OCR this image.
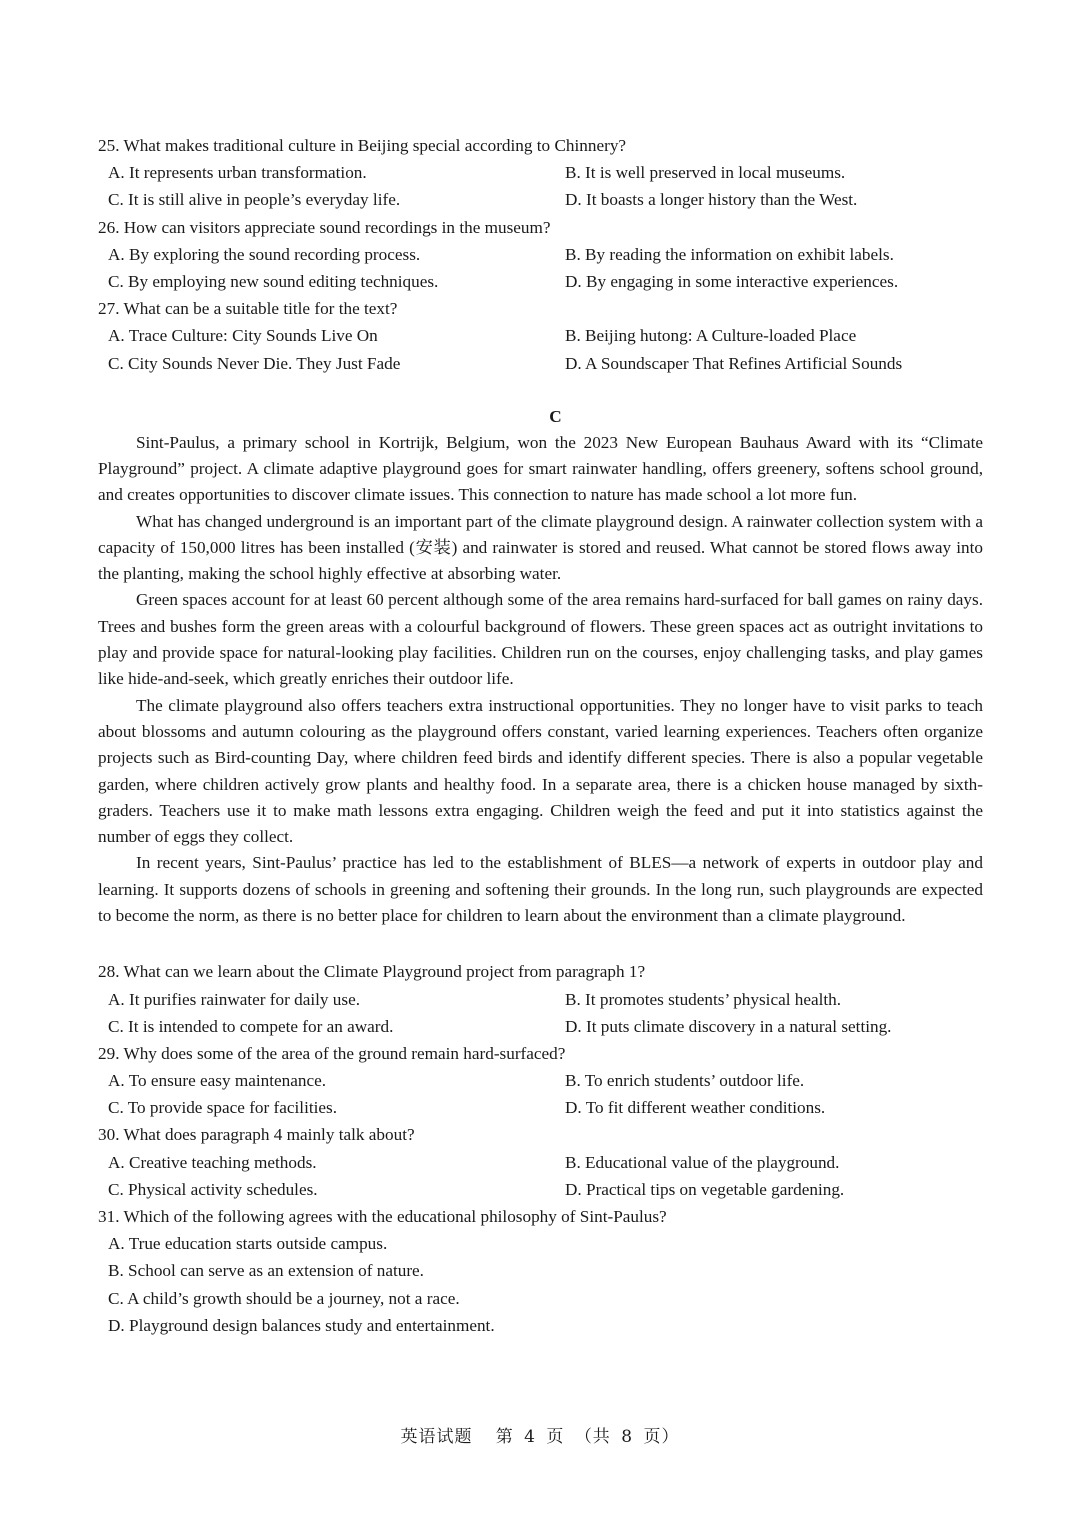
25. What makes traditional culture in Beijing special according to Chinnery?
A. It represents urban transformation.	B. It is well preserved in local museums.
C. It is still alive in people’s everyday life.	D. It boasts a longer history than the West.
26. How can visitors appreciate sound recordings in the museum?
A. By exploring the sound recording process.	B. By reading the information on exhibit labels.
C. By employing new sound editing techniques.	D. By engaging in some interactive experiences.
27. What can be a suitable title for the text?
A. Trace Culture: City Sounds Live On	B. Beijing hutong: A Culture-loaded Place
C. City Sounds Never Die. They Just Fade	D. A Soundscaper That Refines Artificial Sounds
C

Sint-Paulus, a primary school in Kortrijk, Belgium, won the 2023 New European Bauhaus Award with its “Climate Playground” project. A climate adaptive playground goes for smart rainwater handling, offers greenery, softens school ground, and creates opportunities to discover climate issues. This connection to nature has made school a lot more fun.

What has changed underground is an important part of the climate playground design. A rainwater collection system with a capacity of 150,000 litres has been installed (安装) and rainwater is stored and reused. What cannot be stored flows away into the planting, making the school highly effective at absorbing water.

Green spaces account for at least 60 percent although some of the area remains hard-surfaced for ball games on rainy days. Trees and bushes form the green areas with a colourful background of flowers. These green spaces act as outright invitations to play and provide space for natural-looking play facilities. Children run on the courses, enjoy challenging tasks, and play games like hide-and-seek, which greatly enriches their outdoor life.

The climate playground also offers teachers extra instructional opportunities. They no longer have to visit parks to teach about blossoms and autumn colouring as the playground offers constant, varied learning experiences. Teachers often organize projects such as Bird-counting Day, where children feed birds and identify different species. There is also a popular vegetable garden, where children actively grow plants and healthy food. In a separate area, there is a chicken house managed by sixth-graders. Teachers use it to make math lessons extra engaging. Children weigh the feed and put it into statistics against the number of eggs they collect.

In recent years, Sint-Paulus’ practice has led to the establishment of BLES—a network of experts in outdoor play and learning. It supports dozens of schools in greening and softening their grounds. In the long run, such playgrounds are expected to become the norm, as there is no better place for children to learn about the environment than a climate playground.

28. What can we learn about the Climate Playground project from paragraph 1?
A. It purifies rainwater for daily use.	B. It promotes students’ physical health.
C. It is intended to compete for an award.	D. It puts climate discovery in a natural setting.
29. Why does some of the area of the ground remain hard-surfaced?
A. To ensure easy maintenance.	B. To enrich students’ outdoor life.
C. To provide space for facilities.	D. To fit different weather conditions.
30. What does paragraph 4 mainly talk about?
A. Creative teaching methods.	B. Educational value of the playground.
C. Physical activity schedules.	D. Practical tips on vegetable gardening.
31. Which of the following agrees with the educational philosophy of Sint-Paulus?
A. True education starts outside campus.
B. School can serve as an extension of nature.
C. A child’s growth should be a journey, not a race.
D. Playground design balances study and entertainment.
英语试题 第 4 页 （共 8 页）
